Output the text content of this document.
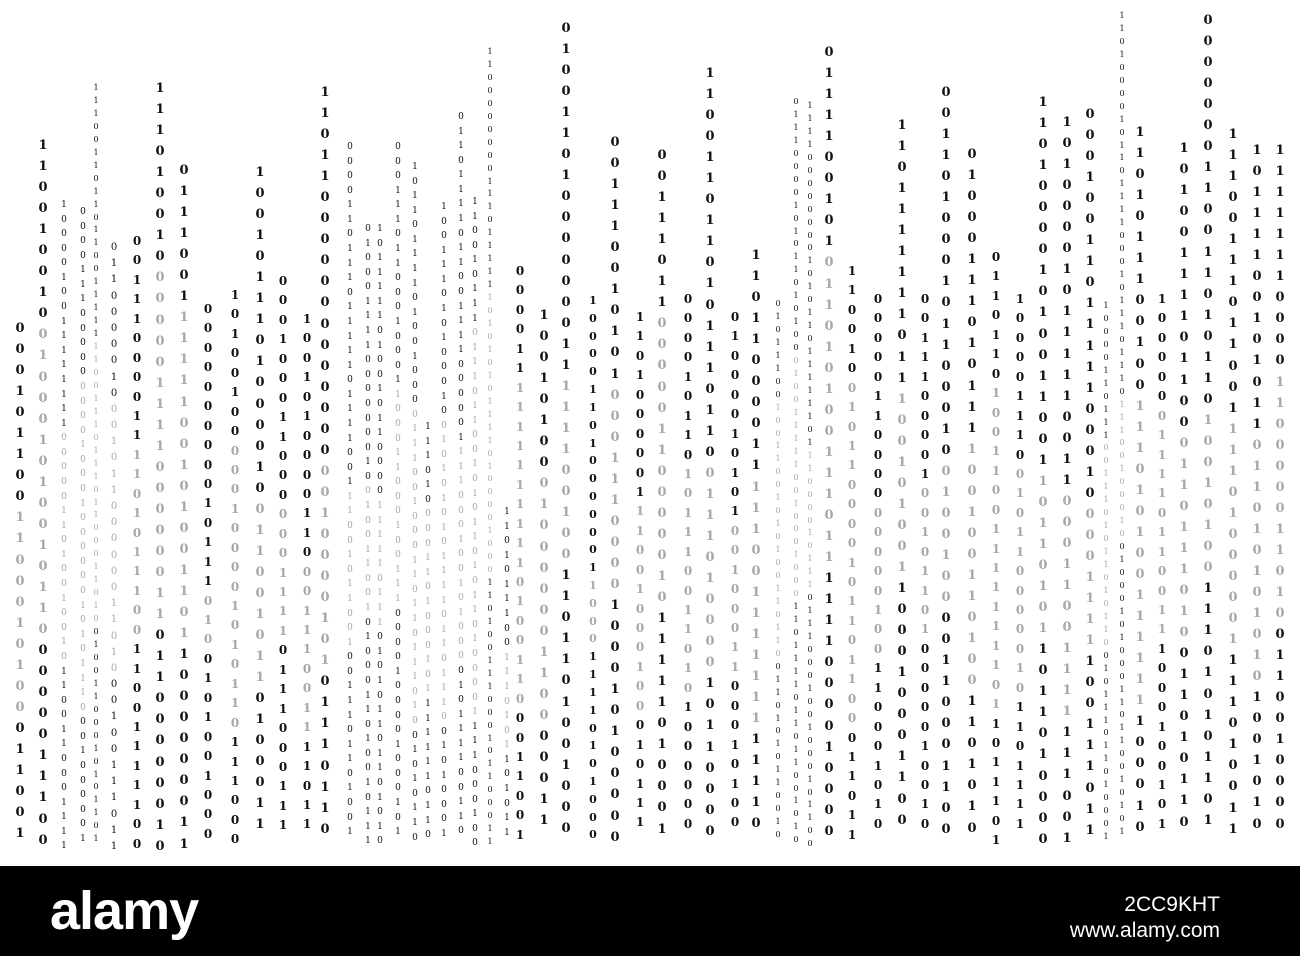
0
0
0
1
0
1
1
0
0
1
1
0
0
0
1
0
1
0
0
0
1
1
0
0
1
1
1
0
0
1
0
0
1
0
0
1
0
0
0
1
0
1
0
0
1
0
1
1
0
0
0
0
0
0
1
1
1
0
0
1
0
0
0
0
1
0
0
1
1
1
1
1
1
1
1
0
0
0
0
0
1
1
0
1
0
0
1
0
0
1
0
1
1
0
0
1
1
0
0
0
1
1
1
1
0
0
0
0
1
1
1
0
0
0
0
0
0
0
0
0
1
0
0
0
1
0
0
0
0
0
0
1
0
1
0
1
1
1
0
0
0
1
0
0
0
0
0
1
1
1
1
0
0
1
1
0
1
1
0
1
1
0
0
1
1
1
1
1
1
1
0
0
1
1
1
0
1
1
1
0
1
1
0
0
0
1
1
0
1
0
0
1
0
0
1
1
0
0
0
1
0
1
0
1
1
0
1
0
1
1
0
0
0
0
0
1
0
0
0
1
0
1
1
0
0
0
0
0
0
1
1
0
1
0
0
0
1
0
0
1
1
1
0
1
1
0
0
1
1
1
0
0
0
0
1
1
1
1
0
1
0
1
1
1
0
0
1
1
0
0
1
1
1
1
1
0
0
1
1
1
0
1
0
0
1
0
0
0
0
0
0
1
1
1
1
0
0
0
0
0
0
1
1
0
1
1
0
0
0
0
0
0
1
0
0
1
1
1
0
0
1
1
1
1
1
1
0
0
1
0
1
0
0
1
1
0
1
1
0
0
0
0
0
0
0
1
1
0
0
0
0
0
0
0
0
0
0
1
0
1
1
1
0
1
0
0
1
0
1
0
0
1
0
0
0
1
0
1
0
0
1
0
0
0
0
0
1
0
0
0
0
1
0
1
0
1
1
0
1
1
1
0
0
0
1
0
0
1
0
1
1
1
0
1
0
0
0
0
1
0
0
1
1
0
0
1
0
1
1
0
1
0
0
0
1
1
0
0
0
1
0
0
0
1
1
0
0
0
0
0
0
1
1
1
1
0
1
1
1
0
0
0
1
1
1
1
0
0
1
0
1
0
0
0
0
1
1
0
0
0
1
1
1
0
0
1
1
1
1
0
1
1
1
1
0
1
1
0
0
0
0
0
0
0
0
0
0
0
0
0
0
0
1
0
0
0
0
1
0
1
0
1
1
1
0
1
1
0
0
0
0
0
1
1
0
1
1
1
0
1
1
1
1
1
0
1
1
1
1
0
0
1
1
1
0
0
1
0
1
1
0
0
1
0
0
1
1
1
0
1
1
0
1
0
0
1
0
1
0
0
0
1
1
1
1
0
0
0
0
0
0
0
1
0
0
1
0
0
1
1
0
0
1
0
1
0
0
0
1
1
0
1
0
0
1
0
1
1
1
1
0
1
1
1
1
1
0
1
0
0
1
0
1
1
0
0
0
0
1
1
1
1
1
0
1
1
1
0
1
0
1
0
1
1
0
1
1
0
1
0
1
0
0
0
0
1
1
1
0
1
1
0
0
0
1
0
0
0
1
1
0
0
0
1
1
0
0
0
1
0
0
1
1
1
0
0
0
0
1
0
0
0
0
1
0
0
0
1
0
1
1
0
1
1
0
1
1
1
1
0
1
0
0
1
0
0
0
0
1
1
1
0
0
1
0
0
0
1
1
0
1
1
0
1
1
1
0
1
0
0
1
0
1
0
1
1
0
1
1
1
0
1
0
0
0
0
1
1
0
1
0
0
0
1
0
1
1
1
1
1
1
1
0
1
1
0
1
0
0
1
1
1
0
1
0
1
0
0
0
1
0
0
1
0
1
0
1
0
1
0
1
1
1
1
0
1
1
0
1
1
1
0
0
1
0
1
0
0
0
1
0
1
1
0
1
1
1
1
0
1
1
0
0
1
1
1
1
0
0
0
0
0
1
1
1
1
0
0
0
1
0
0
1
0
1
0
0
0
0
1
0
1
1
1
1
0
0
1
1
0
1
1
0
0
1
0
1
1
1
0
1
1
1
0
1
1
0
0
1
0
1
0
1
1
0
1
0
1
1
0
1
0
0
0
0
1
1
1
1
0
0
0
1
0
0
1
1
0
0
0
0
0
0
0
0
1
1
1
0
1
1
1
1
1
1
0
1
0
1
0
1
0
1
1
1
1
0
1
0
0
0
0
1
0
0
0
1
1
0
1
0
0
1
1
1
0
0
0
1
0
1
1
0
0
0
1
1
1
1
0
1
0
1
1
1
0
0
1
1
1
0
1
0
1
1
0
1
0
1
1
0
0
0
0
1
1
1
1
1
1
1
1
1
1
1
1
0
1
0
0
1
1
0
0
0
1
1
0
0
1
1
0
0
1
0
1
0
0
0
1
0
0
0
0
0
0
1
1
0
0
0
0
0
1
1
0
1
0
0
1
1
0
1
0
0
0
0
0
0
0
1
1
1
1
1
1
0
0
1
0
0
1
1
0
1
1
0
1
0
0
1
0
0
0
1
0
0
0
0
1
1
0
1
0
0
0
0
0
0
1
1
0
0
0
1
1
1
1
0
1
0
1
0
0
0
0
0
1
1
1
0
0
1
0
1
0
1
0
0
0
1
1
1
0
0
0
0
1
0
0
0
1
0
1
0
0
0
0
0
1
1
0
1
0
0
0
0
0
1
1
1
0
0
1
0
0
0
1
0
0
0
1
0
1
1
1
0
0
1
1
1
0
1
1
0
0
0
0
0
1
1
0
0
0
0
0
1
0
1
1
1
1
1
0
1
0
0
0
1
0
0
0
0
1
0
1
1
0
1
0
1
1
1
0
0
1
1
0
1
0
1
0
0
0
0
0
0
1
1
0
0
1
1
0
1
1
0
1
0
1
1
1
0
1
1
0
0
1
1
1
0
1
0
0
0
0
1
0
1
1
0
0
0
0
0
1
0
0
0
0
1
0
1
0
1
0
0
1
0
0
0
1
1
0
0
0
1
0
1
0
0
1
1
0
1
1
0
0
0
0
1
1
1
1
1
0
0
1
1
1
1
1
1
1
1
1
1
1
0
0
1
0
1
1
1
0
0
1
0
0
1
1
0
0
1
0
1
0
1
0
0
1
1
0
1
1
0
0
1
1
0
1
0
1
0
1
1
0
0
1
0
0
1
1
1
0
0
0
0
1
0
1
0
1
1
0
1
0
1
0
0
0
1
0
0
1
1
1
1
1
0
0
1
0
0
0
1
0
0
0
1
1
0
1
1
1
1
0
1
1
0
1
1
0
0
1
0
1
0
1
1
1
1
0
0
0
0
0
0
0
0
1
0
1
0
1
1
0
1
1
1
1
1
1
0
1
1
1
0
0
0
0
1
0
1
1
1
0
1
1
1
0
0
0
1
0
0
1
0
0
0
1
0
1
1
0
0
0
1
1
1
1
0
0
1
0
1
0
1
1
0
1
0
1
0
0
1
1
1
0
1
1
1
1
1
1
0
0
0
0
1
0
0
0
0
1
1
0
0
1
0
0
1
0
1
1
0
0
0
0
1
0
1
1
0
1
1
0
0
0
1
1
0
1
1
0
0
0
0
0
1
1
0
0
0
0
0
0
0
0
0
1
0
0
1
1
0
0
0
1
0
1
0
1
1
0
1
1
1
1
1
1
1
0
1
1
1
0
0
1
0
1
0
0
1
1
0
0
0
1
0
0
0
1
1
0
0
0
0
1
1
1
0
0
0
0
1
0
0
1
0
1
1
0
1
0
0
0
0
0
1
0
0
1
0
0
0
1
1
0
1
0
0
0
1
0
1
1
0
0
0
1
0
0
1
0
0
1
0
0
0
0
1
1
0
0
0
1
1
0
0
0
1
0
0
0
1
1
1
0
1
0
1
1
1
1
0
0
1
0
0
1
1
0
1
0
0
1
1
0
1
0
1
0
0
1
1
0
1
1
0
1
0
0
1
1
0
0
1
1
1
1
1
1
1
1
0
1
1
0
1
1
1
0
1
1
0
0
0
0
1
1
1
0
0
1
0
1
1
0
0
0
0
0
1
0
1
1
0
1
1
1
1
1
1
0
1
0
0
0
0
1
0
1
0
0
1
1
0
0
1
1
0
1
1
0
1
0
1
1
0
1
1
0
1
0
0
0
0
1
0
1
0
0
0
0
1
0
1
1
1
1
1
0
0
1
1
0
0
0
1
1
0
0
1
1
1
1
1
1
1
0
0
1
0
0
0
1
0
0
1
1
0
1
1
1
1
1
0
0
0
1
0
0
0
0
1
1
1
1
1
0
0
1
1
1
0
1
1
1
0
0
0
0
1
1
0
1
1
1
0
0
1
1
1
0
1
0
1
1
0
1
0
1
1
0
0
1
0
1
1
1
0
1
1
0
1
0
0
0
1
1
1
0
1
0
0
0
0
1
0
1
1
0
1
1
1
1
0
0
0
1
0
1
1
1
0
1
1
1
0
1
1
1
0
0
1
0
0
0
1
0
0
1
0
0
0
1
0
1
0
0
0
1
1
0
1
1
0
0
1
0
1
0
1
1
1
0
1
0
1
1
1
0
0
1
0
0
1
1
1
0
1
0
1
0
0
1
1
1
1
1
1
1
0
0
0
1
0
1
0
0
0
0
0
0
1
1
1
1
0
1
1
0
0
1
1
1
0
0
0
1
0
0
1
0
1
1
0
1
0
0
1
1
1
1
0
1
1
0
0
0
1
1
0
1
1
1
0
1
0
0
1
1
0
1
0
1
1
0
0
0
0
0
0
0
0
1
1
0
0
1
1
0
1
0
1
1
0
1
0
0
1
0
1
0
0
1
1
1
0
1
0
1
0
1
1
0
1
1
1
1
0
0
1
1
1
0
1
1
0
0
1
1
1
1
0
1
0
0
0
0
0
1
1
1
1
0
1
0
0
1
1
1
0
1
1
1
1
0
0
1
0
1
0
1
1
0
1
1
0
1
0
1
0
1
0
1
0
1
0
0
1
0
1
0
1
1
1
1
1
1
1
0
0
0
0
1
1
0
0
0
0
0
1
1
0
1
0
0
1
1
0
0
1
0
0
0
0
alamy	2CC9KHT
www.alamy.com
